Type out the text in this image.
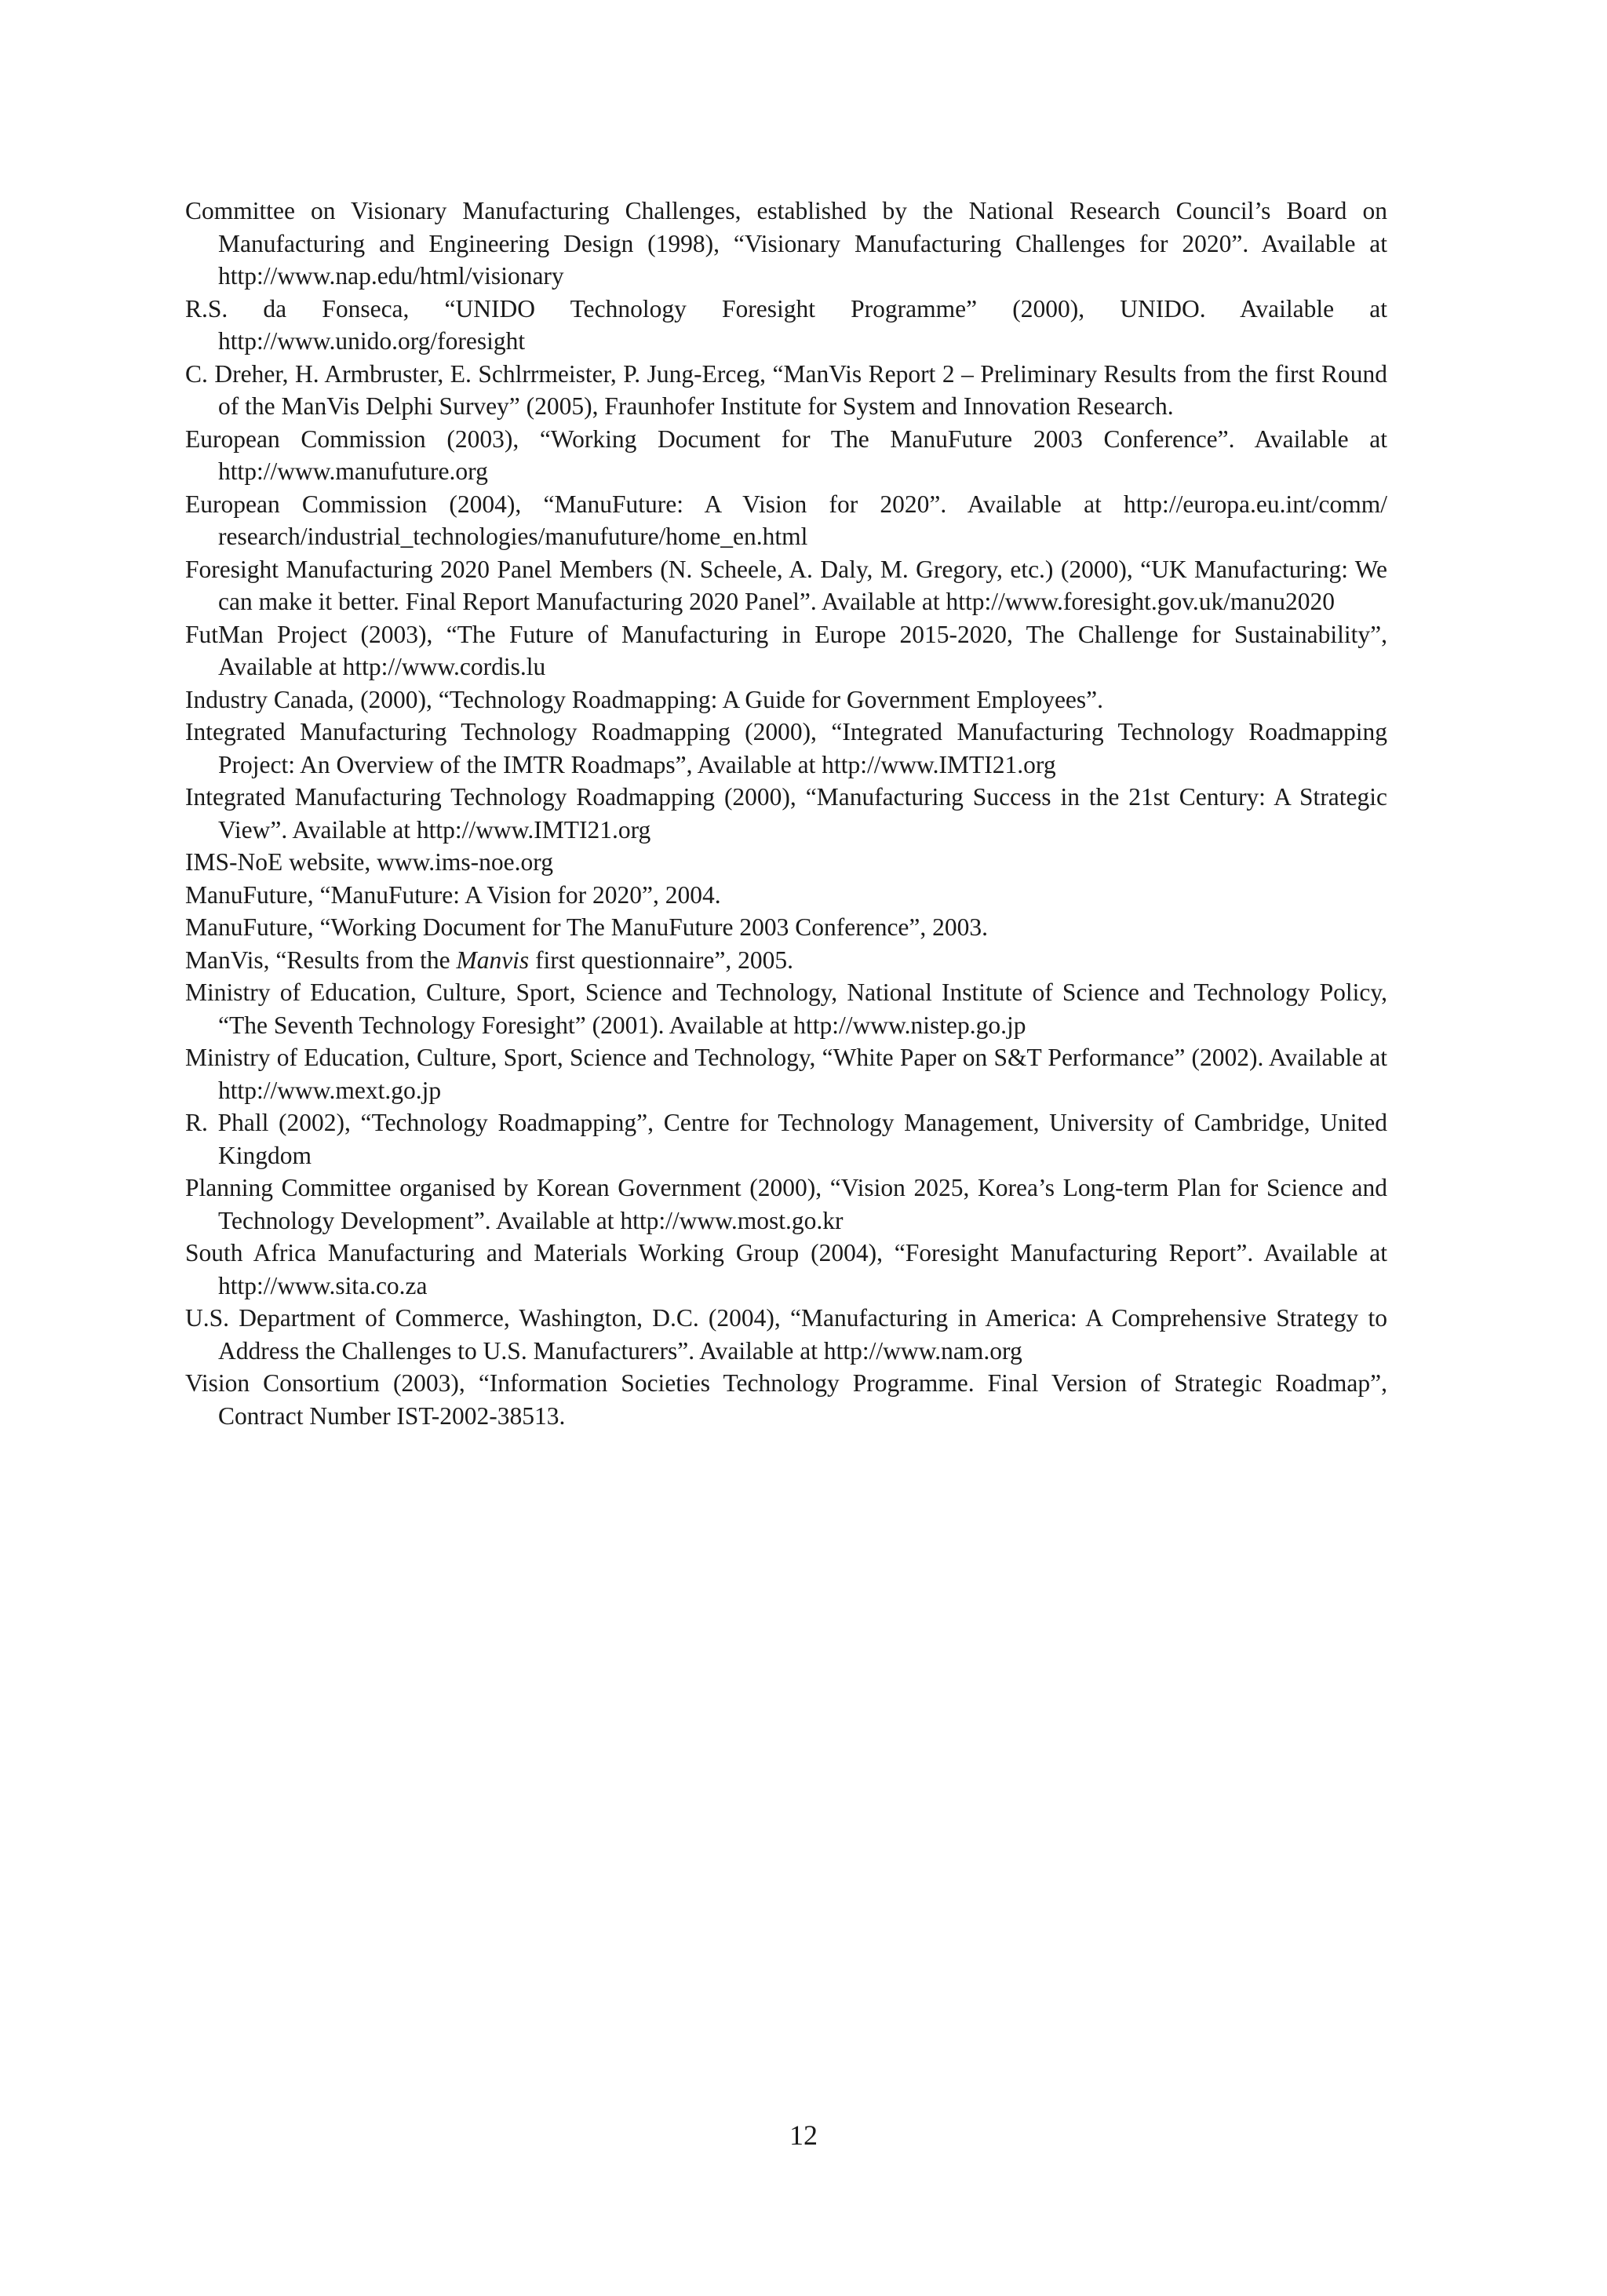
Committee on Visionary Manufacturing Challenges, established by the National Research Council’s Board on Manufacturing and Engineering Design (1998), “Visionary Manufacturing Challenges for 2020”. Available at http://www.nap.edu/html/visionary
R.S. da Fonseca, “UNIDO Technology Foresight Programme” (2000), UNIDO. Available at http://www.unido.org/foresight
C. Dreher, H. Armbruster, E. Schlrrmeister, P. Jung-Erceg, “ManVis Report 2 – Preliminary Results from the first Round of the ManVis Delphi Survey” (2005), Fraunhofer Institute for System and Innovation Research.
European Commission (2003), “Working Document for The ManuFuture 2003 Conference”. Available at http://www.manufuture.org
European Commission (2004), “ManuFuture: A Vision for 2020”. Available at http://europa.eu.int/comm/ research/industrial_technologies/manufuture/home_en.html
Foresight Manufacturing 2020 Panel Members (N. Scheele, A. Daly, M. Gregory, etc.) (2000), “UK Manufacturing: We can make it better. Final Report Manufacturing 2020 Panel”. Available at http://www.foresight.gov.uk/manu2020
FutMan Project (2003), “The Future of Manufacturing in Europe 2015-2020, The Challenge for Sustainability”, Available at http://www.cordis.lu
Industry Canada, (2000), “Technology Roadmapping: A Guide for Government Employees”.
Integrated Manufacturing Technology Roadmapping (2000), “Integrated Manufacturing Technology Roadmapping Project: An Overview of the IMTR Roadmaps”, Available at http://www.IMTI21.org
Integrated Manufacturing Technology Roadmapping (2000), “Manufacturing Success in the 21st Century: A Strategic View”. Available at http://www.IMTI21.org
IMS-NoE website, www.ims-noe.org
ManuFuture, “ManuFuture: A Vision for 2020”, 2004.
ManuFuture, “Working Document for The ManuFuture 2003 Conference”, 2003.
ManVis, “Results from the Manvis first questionnaire”, 2005.
Ministry of Education, Culture, Sport, Science and Technology, National Institute of Science and Technology Policy, “The Seventh Technology Foresight” (2001). Available at http://www.nistep.go.jp
Ministry of Education, Culture, Sport, Science and Technology, “White Paper on S&T Performance” (2002). Available at http://www.mext.go.jp
R. Phall (2002), “Technology Roadmapping”, Centre for Technology Management, University of Cambridge, United Kingdom
Planning Committee organised by Korean Government (2000), “Vision 2025, Korea’s Long-term Plan for Science and Technology Development”. Available at http://www.most.go.kr
South Africa Manufacturing and Materials Working Group (2004), “Foresight Manufacturing Report”. Available at http://www.sita.co.za
U.S. Department of Commerce, Washington, D.C. (2004), “Manufacturing in America: A Comprehensive Strategy to Address the Challenges to U.S. Manufacturers”. Available at http://www.nam.org
Vision Consortium (2003), “Information Societies Technology Programme. Final Version of Strategic Roadmap”, Contract Number IST-2002-38513.
12
